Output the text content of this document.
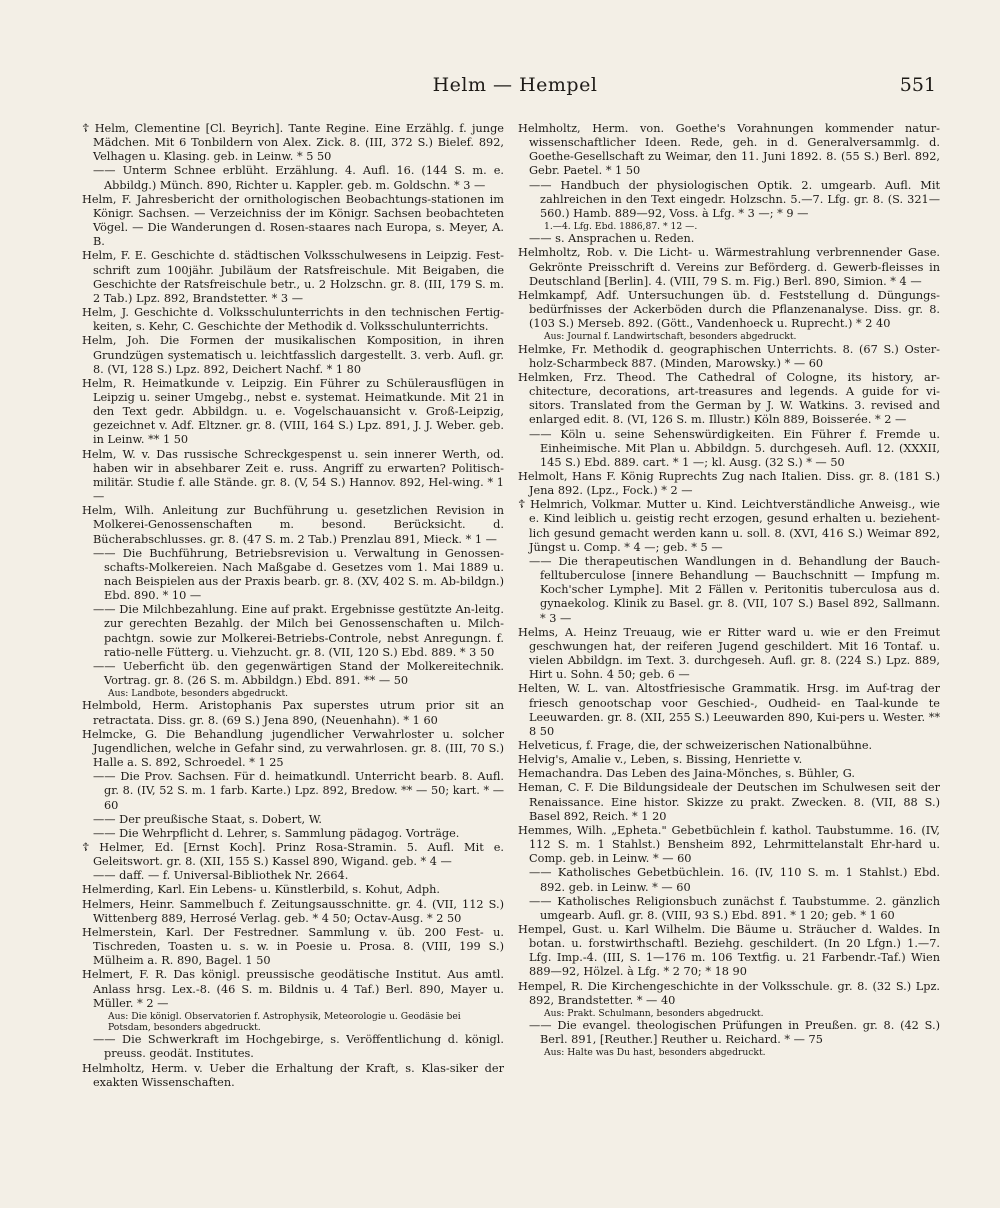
Helm — Hempel	551

☦ Helm, Clementine [Cl. Beyrich]. Tante Regine. Eine Erzählg. f. junge Mädchen. Mit 6 Tonbildern von Alex. Zick. 8. (III, 372 S.) Bielef. 892, Velhagen u. Klasing. geb. in Leinw. * 5 50

—— Unterm Schnee erblüht. Erzählung. 4. Aufl. 16. (144 S. m. e. Abbildg.) Münch. 890, Richter u. Kappler. geb. m. Goldschn. * 3 —

Helm, F. Jahresbericht der ornithologischen Beobachtungs-stationen im Königr. Sachsen. — Verzeichniss der im Königr. Sachsen beobachteten Vögel. — Die Wanderungen d. Rosen-staares nach Europa, s. Meyer, A. B.

Helm, F. E. Geschichte d. städtischen Volksschulwesens in Leipzig. Fest-schrift zum 100jähr. Jubiläum der Ratsfreischule. Mit Beigaben, die Geschichte der Ratsfreischule betr., u. 2 Holzschn. gr. 8. (III, 179 S. m. 2 Tab.) Lpz. 892, Brandstetter. * 3 —

Helm, J. Geschichte d. Volksschulunterrichts in den technischen Fertig-keiten, s. Kehr, C. Geschichte der Methodik d. Volksschulunterrichts.

Helm, Joh. Die Formen der musikalischen Komposition, in ihren Grundzügen systematisch u. leichtfasslich dargestellt. 3. verb. Aufl. gr. 8. (VI, 128 S.) Lpz. 892, Deichert Nachf. * 1 80

Helm, R. Heimatkunde v. Leipzig. Ein Führer zu Schülerausflügen in Leipzig u. seiner Umgebg., nebst e. systemat. Heimatkunde. Mit 21 in den Text gedr. Abbildgn. u. e. Vogelschauansicht v. Groß-Leipzig, gezeichnet v. Adf. Eltzner. gr. 8. (VIII, 164 S.) Lpz. 891, J. J. Weber. geb. in Leinw. ** 1 50

Helm, W. v. Das russische Schreckgespenst u. sein innerer Werth, od. haben wir in absehbarer Zeit e. russ. Angriff zu erwarten? Politisch-militär. Studie f. alle Stände. gr. 8. (V, 54 S.) Hannov. 892, Hel-wing. * 1 —

Helm, Wilh. Anleitung zur Buchführung u. gesetzlichen Revision in Molkerei-Genossenschaften m. besond. Berücksicht. d. Bücherabschlusses. gr. 8. (47 S. m. 2 Tab.) Prenzlau 891, Mieck. * 1 —

—— Die Buchführung, Betriebsrevision u. Verwaltung in Genossen-schafts-Molkereien. Nach Maßgabe d. Gesetzes vom 1. Mai 1889 u. nach Beispielen aus der Praxis bearb. gr. 8. (XV, 402 S. m. Ab-bildgn.) Ebd. 890. * 10 —

—— Die Milchbezahlung. Eine auf prakt. Ergebnisse gestützte An-leitg. zur gerechten Bezahlg. der Milch bei Genossenschaften u. Milch-pachtgn. sowie zur Molkerei-Betriebs-Controle, nebst Anregungn. f. ratio-nelle Fütterg. u. Viehzucht. gr. 8. (VII, 120 S.) Ebd. 889. * 3 50

—— Ueberficht üb. den gegenwärtigen Stand der Molkereitechnik. Vortrag. gr. 8. (26 S. m. Abbildgn.) Ebd. 891. ** — 50

Aus: Landbote, besonders abgedruckt.

Helmbold, Herm. Aristophanis Pax superstes utrum prior sit an retractata. Diss. gr. 8. (69 S.) Jena 890, (Neuenhahn). * 1 60

Helmcke, G. Die Behandlung jugendlicher Verwahrloster u. solcher Jugendlichen, welche in Gefahr sind, zu verwahrlosen. gr. 8. (III, 70 S.) Halle a. S. 892, Schroedel. * 1 25

—— Die Prov. Sachsen. Für d. heimatkundl. Unterricht bearb. 8. Aufl. gr. 8. (IV, 52 S. m. 1 farb. Karte.) Lpz. 892, Bredow. ** — 50; kart. * — 60

—— Der preußische Staat, s. Dobert, W.

—— Die Wehrpflicht d. Lehrer, s. Sammlung pädagog. Vorträge.

☦ Helmer, Ed. [Ernst Koch]. Prinz Rosa-Stramin. 5. Aufl. Mit e. Geleitswort. gr. 8. (XII, 155 S.) Kassel 890, Wigand. geb. * 4 —

—— daff. — f. Universal-Bibliothek Nr. 2664.

Helmerding, Karl. Ein Lebens- u. Künstlerbild, s. Kohut, Adph.

Helmers, Heinr. Sammelbuch f. Zeitungsausschnitte. gr. 4. (VII, 112 S.) Wittenberg 889, Herrosé Verlag. geb. * 4 50; Octav-Ausg. * 2 50

Helmerstein, Karl. Der Festredner. Sammlung v. üb. 200 Fest- u. Tischreden, Toasten u. s. w. in Poesie u. Prosa. 8. (VIII, 199 S.) Mülheim a. R. 890, Bagel. 1 50

Helmert, F. R. Das königl. preussische geodätische Institut. Aus amtl. Anlass hrsg. Lex.-8. (46 S. m. Bildnis u. 4 Taf.) Berl. 890, Mayer u. Müller. * 2 —

Aus: Die königl. Observatorien f. Astrophysik, Meteorologie u. Geodäsie bei Potsdam, besonders abgedruckt.

—— Die Schwerkraft im Hochgebirge, s. Veröffentlichung d. königl. preuss. geodät. Institutes.

Helmholtz, Herm. v. Ueber die Erhaltung der Kraft, s. Klas-siker der exakten Wissenschaften.

Helmholtz, Herm. von. Goethe's Vorahnungen kommender natur-wissenschaftlicher Ideen. Rede, geh. in d. Generalversammlg. d. Goethe-Gesellschaft zu Weimar, den 11. Juni 1892. 8. (55 S.) Berl. 892, Gebr. Paetel. * 1 50

—— Handbuch der physiologischen Optik. 2. umgearb. Aufl. Mit zahlreichen in den Text eingedr. Holzschn. 5.—7. Lfg. gr. 8. (S. 321—560.) Hamb. 889—92, Voss. à Lfg. * 3 —; * 9 —

1.—4. Lfg. Ebd. 1886,87. * 12 —.

—— s. Ansprachen u. Reden.

Helmholtz, Rob. v. Die Licht- u. Wärmestrahlung verbrennender Gase. Gekrönte Preisschrift d. Vereins zur Beförderg. d. Gewerb-fleisses in Deutschland [Berlin]. 4. (VIII, 79 S. m. Fig.) Berl. 890, Simion. * 4 —

Helmkampf, Adf. Untersuchungen üb. d. Feststellung d. Düngungs-bedürfnisses der Ackerböden durch die Pflanzenanalyse. Diss. gr. 8. (103 S.) Merseb. 892. (Gött., Vandenhoeck u. Ruprecht.) * 2 40

Aus: Journal f. Landwirtschaft, besonders abgedruckt.

Helmke, Fr. Methodik d. geographischen Unterrichts. 8. (67 S.) Oster-holz-Scharmbeck 887. (Minden, Marowsky.) * — 60

Helmken, Frz. Theod. The Cathedral of Cologne, its history, ar-chitecture, decorations, art-treasures and legends. A guide for vi-sitors. Translated from the German by J. W. Watkins. 3. revised and enlarged edit. 8. (VI, 126 S. m. Illustr.) Köln 889, Boisserée. * 2 —

—— Köln u. seine Sehenswürdigkeiten. Ein Führer f. Fremde u. Einheimische. Mit Plan u. Abbildgn. 5. durchgeseh. Aufl. 12. (XXXII, 145 S.) Ebd. 889. cart. * 1 —; kl. Ausg. (32 S.) * — 50

Helmolt, Hans F. König Ruprechts Zug nach Italien. Diss. gr. 8. (181 S.) Jena 892. (Lpz., Fock.) * 2 —

☦ Helmrich, Volkmar. Mutter u. Kind. Leichtverständliche Anweisg., wie e. Kind leiblich u. geistig recht erzogen, gesund erhalten u. beziehent-lich gesund gemacht werden kann u. soll. 8. (XVI, 416 S.) Weimar 892, Jüngst u. Comp. * 4 —; geb. * 5 —

—— Die therapeutischen Wandlungen in d. Behandlung der Bauch-felltuberculose [innere Behandlung — Bauchschnitt — Impfung m. Koch'scher Lymphe]. Mit 2 Fällen v. Peritonitis tuberculosa aus d. gynaekolog. Klinik zu Basel. gr. 8. (VII, 107 S.) Basel 892, Sallmann. * 3 —

Helms, A. Heinz Treuaug, wie er Ritter ward u. wie er den Freimut geschwungen hat, der reiferen Jugend geschildert. Mit 16 Tontaf. u. vielen Abbildgn. im Text. 3. durchgeseh. Aufl. gr. 8. (224 S.) Lpz. 889, Hirt u. Sohn. 4 50; geb. 6 —

Helten, W. L. van. Altostfriesische Grammatik. Hrsg. im Auf-trag der friesch genootschap voor Geschied-, Oudheid- en Taal-kunde te Leeuwarden. gr. 8. (XII, 255 S.) Leeuwarden 890, Kui-pers u. Wester. ** 8 50

Helveticus, f. Frage, die, der schweizerischen Nationalbühne.

Helvig's, Amalie v., Leben, s. Bissing, Henriette v.

Hemachandra. Das Leben des Jaina-Mönches, s. Bühler, G.

Heman, C. F. Die Bildungsideale der Deutschen im Schulwesen seit der Renaissance. Eine histor. Skizze zu prakt. Zwecken. 8. (VII, 88 S.) Basel 892, Reich. * 1 20

Hemmes, Wilh. „Epheta." Gebetbüchlein f. kathol. Taubstumme. 16. (IV, 112 S. m. 1 Stahlst.) Bensheim 892, Lehrmittelanstalt Ehr-hard u. Comp. geb. in Leinw. * — 60

—— Katholisches Gebetbüchlein. 16. (IV, 110 S. m. 1 Stahlst.) Ebd. 892. geb. in Leinw. * — 60

—— Katholisches Religionsbuch zunächst f. Taubstumme. 2. gänzlich umgearb. Aufl. gr. 8. (VIII, 93 S.) Ebd. 891. * 1 20; geb. * 1 60

Hempel, Gust. u. Karl Wilhelm. Die Bäume u. Sträucher d. Waldes. In botan. u. forstwirthschaftl. Beziehg. geschildert. (In 20 Lfgn.) 1.—7. Lfg. Imp.-4. (III, S. 1—176 m. 106 Textfig. u. 21 Farbendr.-Taf.) Wien 889—92, Hölzel. à Lfg. * 2 70; * 18 90

Hempel, R. Die Kirchengeschichte in der Volksschule. gr. 8. (32 S.) Lpz. 892, Brandstetter. * — 40

Aus: Prakt. Schulmann, besonders abgedruckt.

—— Die evangel. theologischen Prüfungen in Preußen. gr. 8. (42 S.) Berl. 891, [Reuther.] Reuther u. Reichard. * — 75

Aus: Halte was Du hast, besonders abgedruckt.
